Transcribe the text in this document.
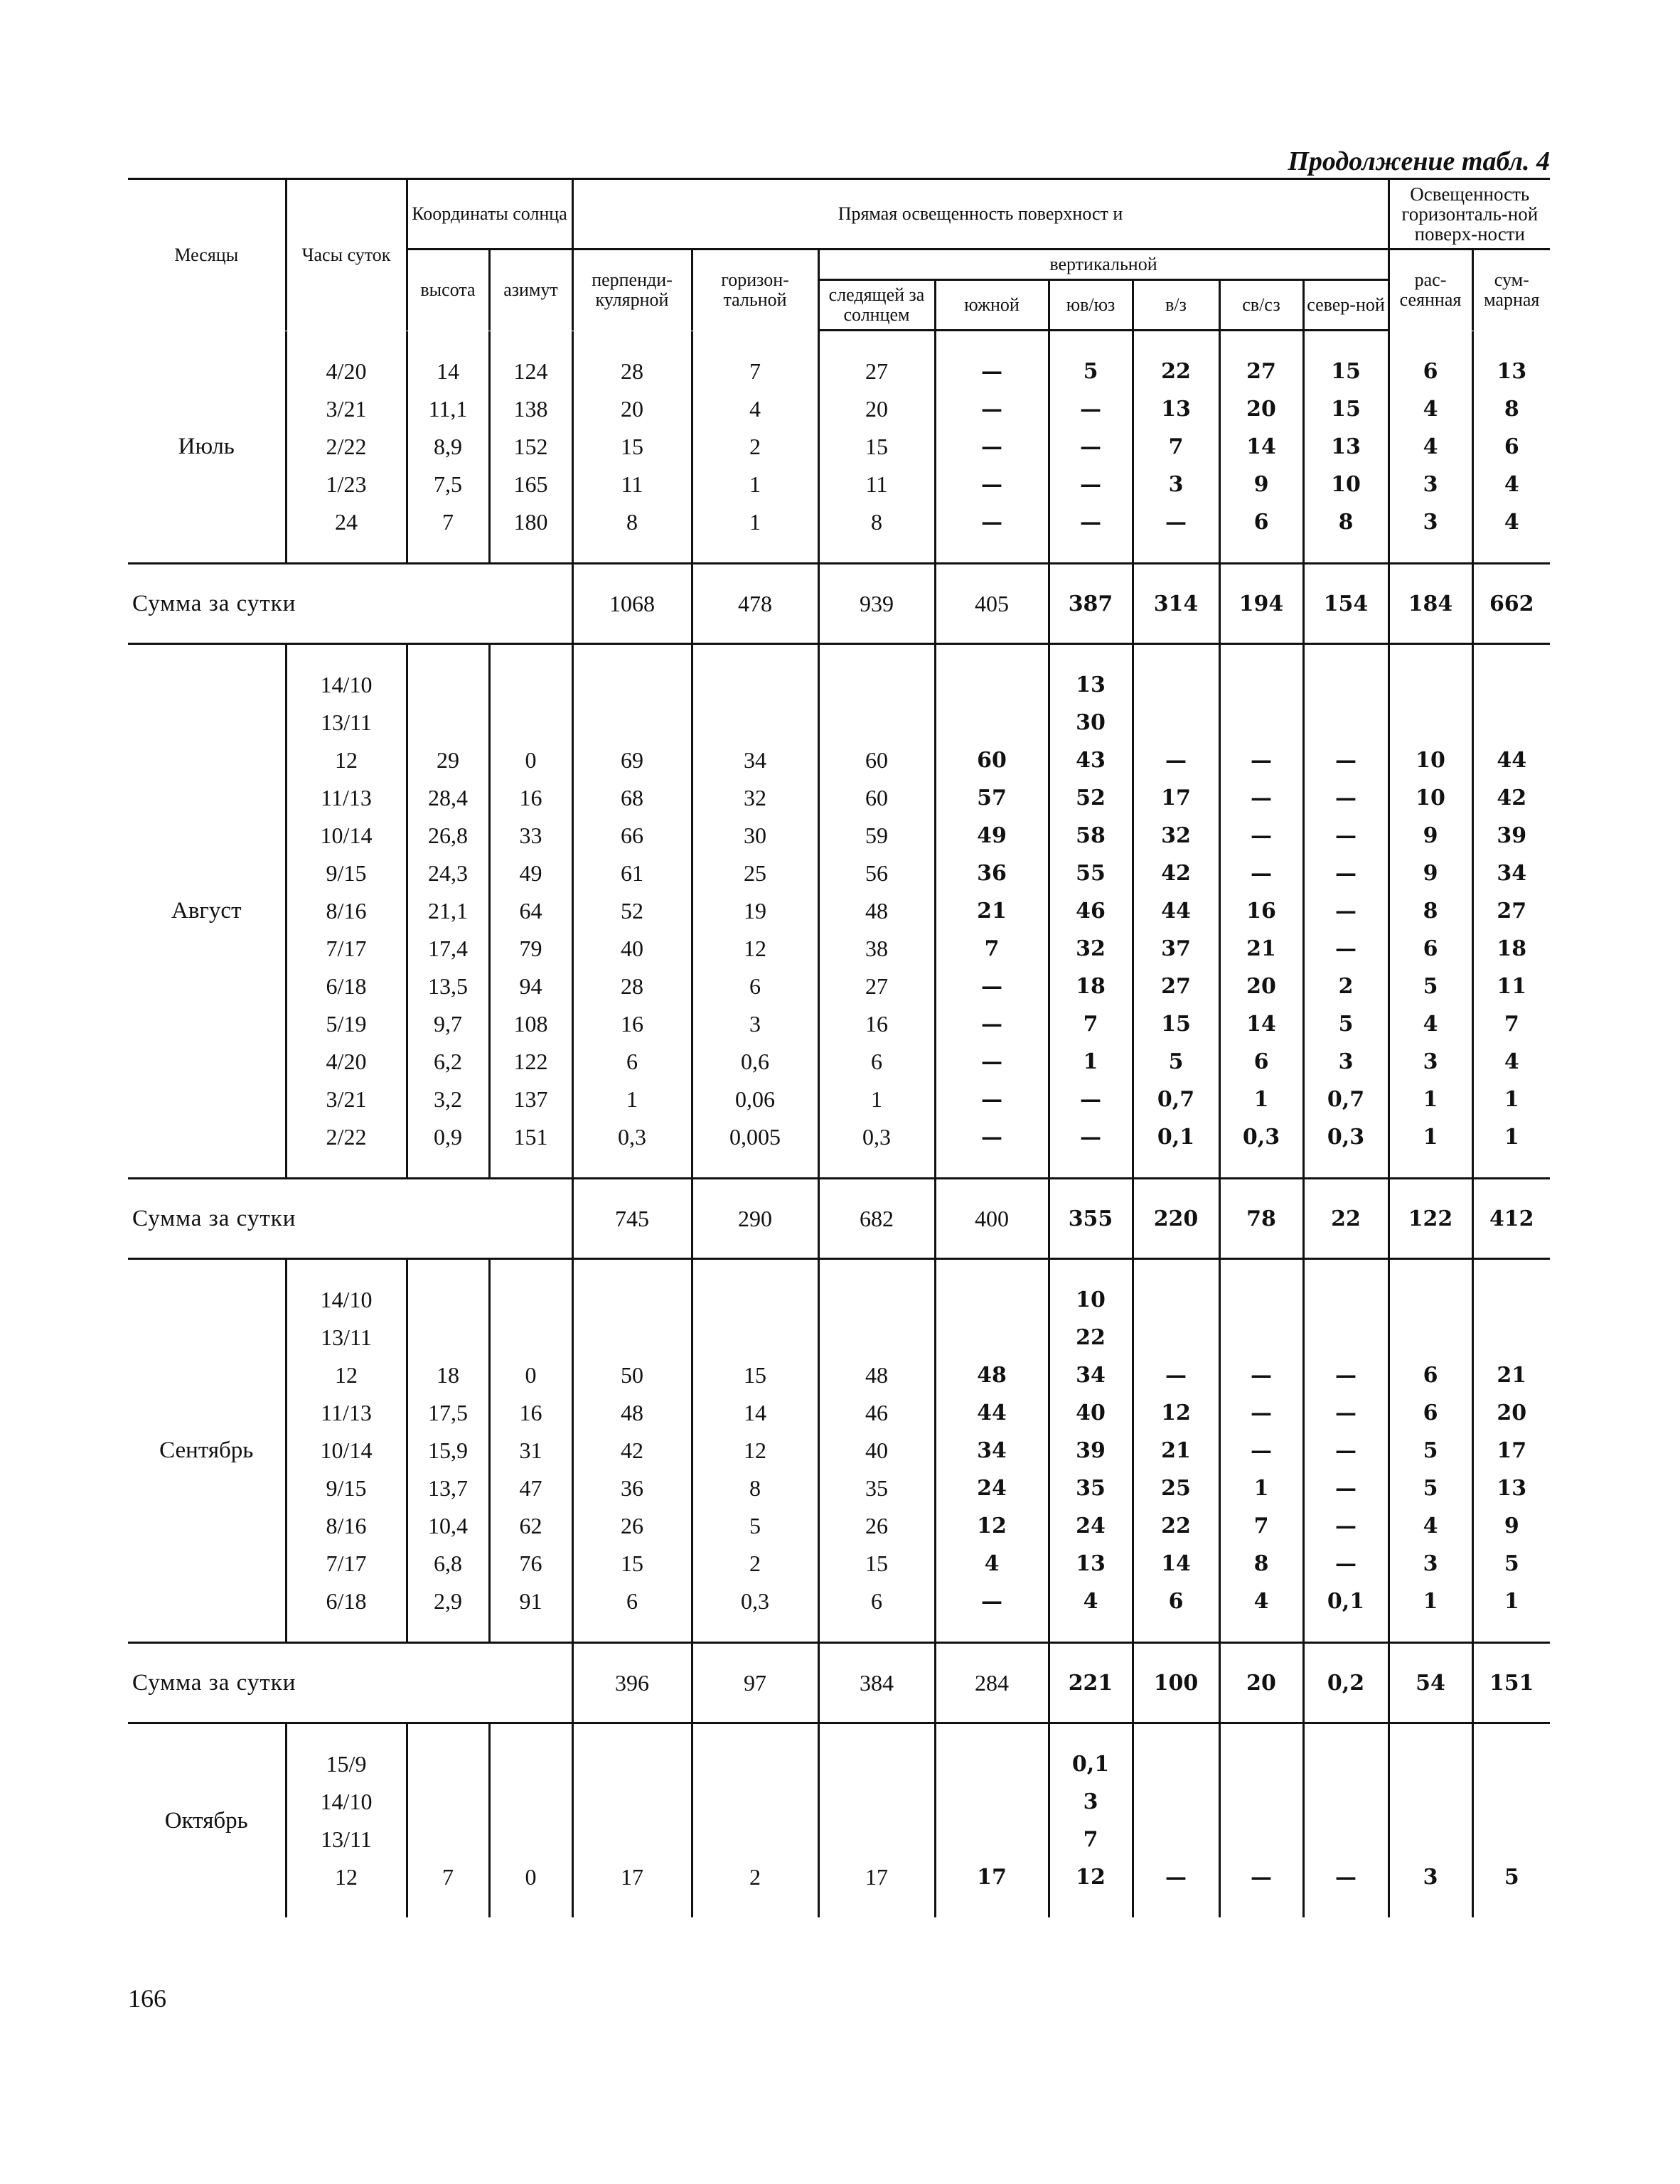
Продолжение табл. 4
Месяцы	Часы суток	Координаты солнца		Прямая освещенность поверхност и								Освещенность горизонталь-ной поверх-ности	
		высота	азимут	перпенди-кулярной	горизон-тальной	вертикальной						рас-сеянная	сум-марная
						следящей за солнцем	южной	юв/юз	в/з	св/сз	север-ной		

Июль	4/20	14	124	28	7	27	—	5	22	27	15	6	13
	3/21	11,1	138	20	4	20	—	—	13	20	15	4	8
	2/22	8,9	152	15	2	15	—	—	7	14	13	4	6
	1/23	7,5	165	11	1	11	—	—	3	9	10	3	4
	24	7	180	8	1	8	—	—	—	6	8	3	4

Сумма за сутки				1068	478	939	405	387	314	194	154	184	662

Август	14/10							13					
	13/11							30					
	12	29	0	69	34	60	60	43	—	—	—	10	44
	11/13	28,4	16	68	32	60	57	52	17	—	—	10	42
	10/14	26,8	33	66	30	59	49	58	32	—	—	9	39
	9/15	24,3	49	61	25	56	36	55	42	—	—	9	34
	8/16	21,1	64	52	19	48	21	46	44	16	—	8	27
	7/17	17,4	79	40	12	38	7	32	37	21	—	6	18
	6/18	13,5	94	28	6	27	—	18	27	20	2	5	11
	5/19	9,7	108	16	3	16	—	7	15	14	5	4	7
	4/20	6,2	122	6	0,6	6	—	1	5	6	3	3	4
	3/21	3,2	137	1	0,06	1	—	—	0,7	1	0,7	1	1
	2/22	0,9	151	0,3	0,005	0,3	—	—	0,1	0,3	0,3	1	1

Сумма за сутки				745	290	682	400	355	220	78	22	122	412

Сентябрь	14/10							10					
	13/11							22					
	12	18	0	50	15	48	48	34	—	—	—	6	21
	11/13	17,5	16	48	14	46	44	40	12	—	—	6	20
	10/14	15,9	31	42	12	40	34	39	21	—	—	5	17
	9/15	13,7	47	36	8	35	24	35	25	1	—	5	13
	8/16	10,4	62	26	5	26	12	24	22	7	—	4	9
	7/17	6,8	76	15	2	15	4	13	14	8	—	3	5
	6/18	2,9	91	6	0,3	6	—	4	6	4	0,1	1	1

Сумма за сутки				396	97	384	284	221	100	20	0,2	54	151

Октябрь	15/9							0,1					
	14/10							3					
	13/11							7					
	12	7	0	17	2	17	17	12	—	—	—	3	5

166
